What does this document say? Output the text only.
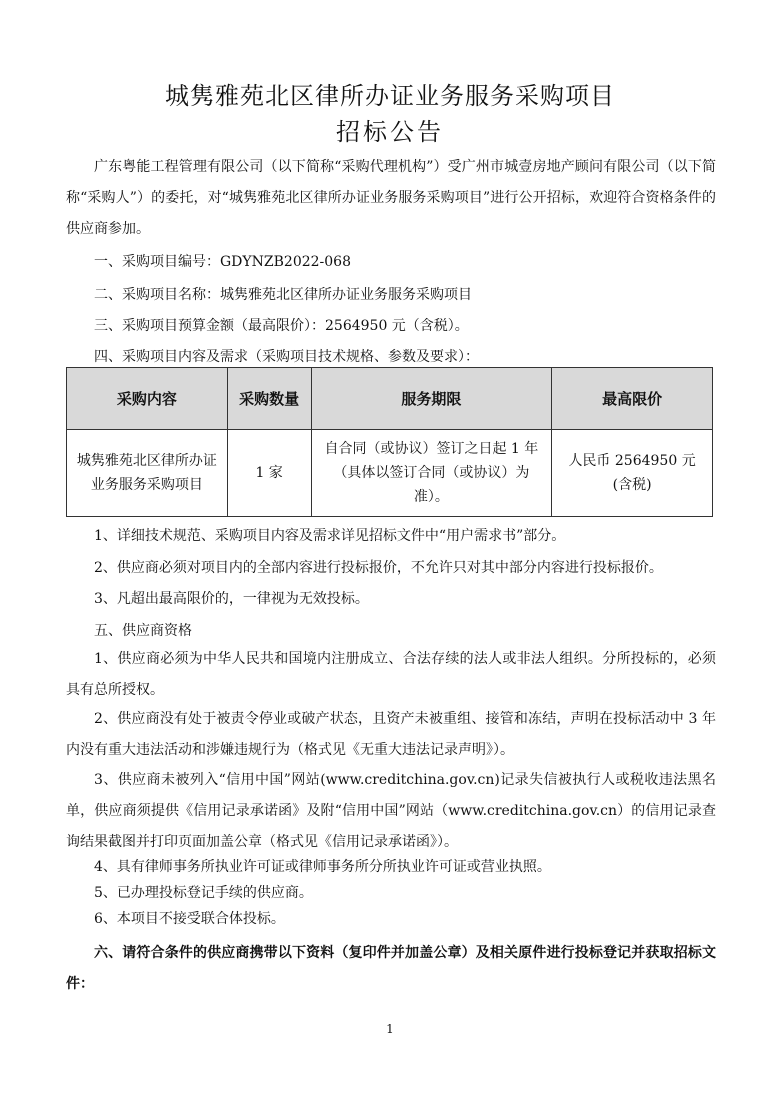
城隽雅苑北区律所办证业务服务采购项目
招标公告
广东粤能工程管理有限公司（以下简称“采购代理机构”）受广州市城壹房地产顾问有限公司（以下简称“采购人”）的委托，对“城隽雅苑北区律所办证业务服务采购项目”进行公开招标，欢迎符合资格条件的供应商参加。
一、采购项目编号：GDYNZB2022-068
二、采购项目名称：城隽雅苑北区律所办证业务服务采购项目
三、采购项目预算金额（最高限价）：2564950 元（含税）。
四、采购项目内容及需求（采购项目技术规格、参数及要求）：
采购内容	采购数量	服务期限	最高限价
城隽雅苑北区律所办证业务服务采购项目	1 家	自合同（或协议）签订之日起 1 年（具体以签订合同（或协议）为准）。	人民币 2564950 元(含税)
1、详细技术规范、采购项目内容及需求详见招标文件中“用户需求书”部分。
2、供应商必须对项目内的全部内容进行投标报价，不允许只对其中部分内容进行投标报价。
3、凡超出最高限价的，一律视为无效投标。
五、供应商资格
1、供应商必须为中华人民共和国境内注册成立、合法存续的法人或非法人组织。分所投标的，必须具有总所授权。
2、供应商没有处于被责令停业或破产状态，且资产未被重组、接管和冻结，声明在投标活动中 3 年内没有重大违法活动和涉嫌违规行为（格式见《无重大违法记录声明》）。
3、供应商未被列入“信用中国”网站(www.creditchina.gov.cn)记录失信被执行人或税收违法黑名单，供应商须提供《信用记录承诺函》及附“信用中国”网站（www.creditchina.gov.cn）的信用记录查询结果截图并打印页面加盖公章（格式见《信用记录承诺函》）。
4、具有律师事务所执业许可证或律师事务所分所执业许可证或营业执照。
5、已办理投标登记手续的供应商。
6、本项目不接受联合体投标。
六、请符合条件的供应商携带以下资料（复印件并加盖公章）及相关原件进行投标登记并获取招标文件：
1
